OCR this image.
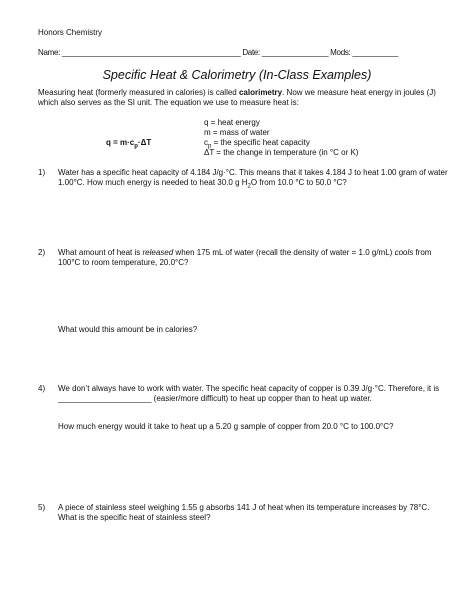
Honors Chemistry
Name: ___________________________________________ Date: ________________ Mods: ___________
Specific Heat & Calorimetry (In-Class Examples)
Measuring heat (formerly measured in calories) is called calorimetry. Now we measure heat energy in joules (J) which also serves as the SI unit. The equation we use to measure heat is:
$q = m\cdot c_p\cdot\Delta T$
q = heat energy
m = mass of water
$c_p$ = the specific heat capacity
ΔT = the change in temperature (in °C or K)
1) Water has a specific heat capacity of 4.184 J/g·°C. This means that it takes 4.184 J to heat 1.00 gram of water 1.00°C. How much energy is needed to heat 30.0 g $H_2O$ from 10.0 °C to 50.0 °C?
2) What amount of heat is released when 175 mL of water (recall the density of water = 1.0 g/mL) cools from 100°C to room temperature, 20.0°C?
What would this amount be in calories?
4) We don’t always have to work with water. The specific heat capacity of copper is 0.39 J/g·°C. Therefore, it is _____________________ (easier/more difficult) to heat up copper than to heat up water.
How much energy would it take to heat up a 5.20 g sample of copper from 20.0 °C to 100.0°C?
5) A piece of stainless steel weighing 1.55 g absorbs 141 J of heat when its temperature increases by 78°C. What is the specific heat of stainless steel?
